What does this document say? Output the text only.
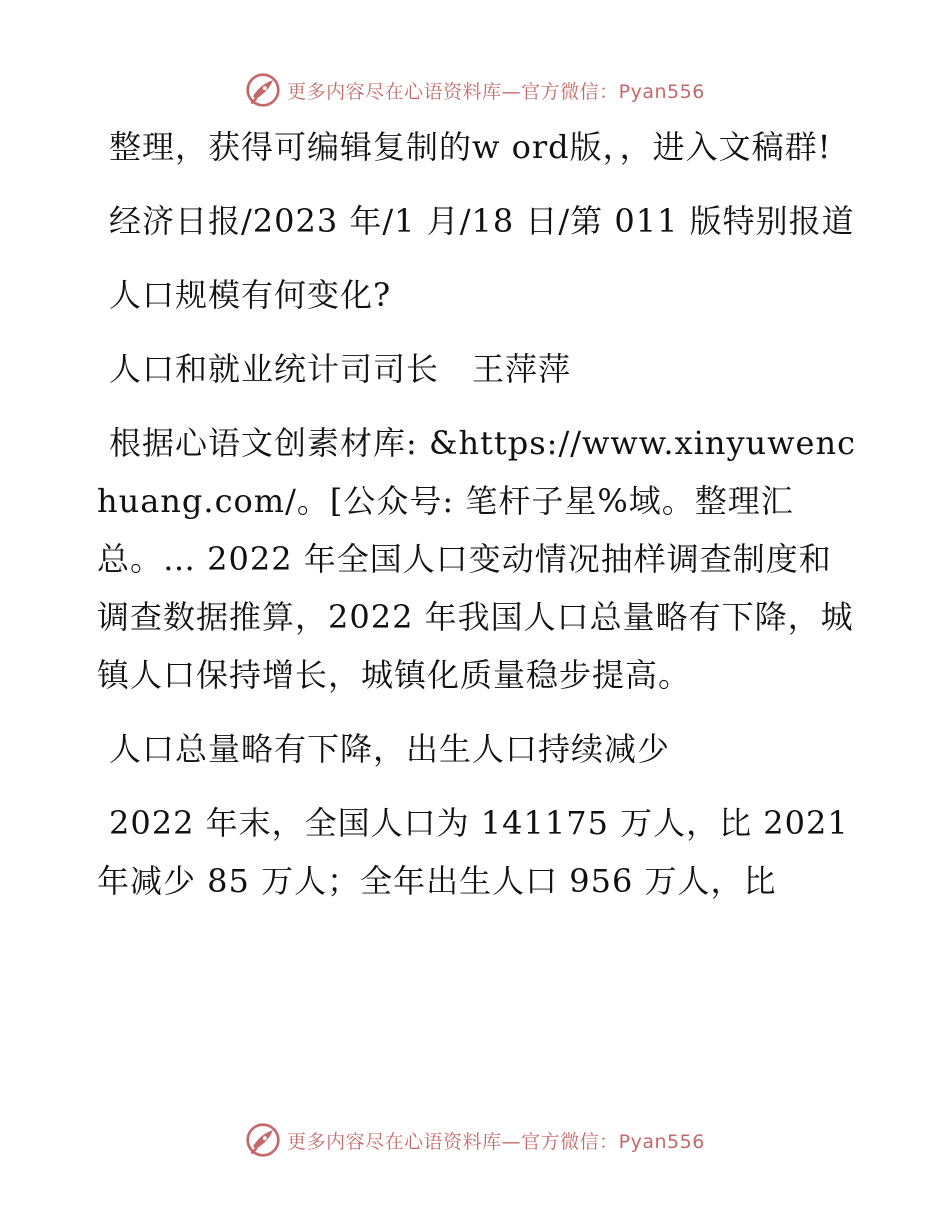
更多内容尽在心语资料库—官方微信：Pyan556

整理，获得可编辑复制的w ord版，，进入文稿群!

经济日报/2023 年/1 月/18 日/第 011 版特别报道

人口规模有何变化?

人口和就业统计司司长　王萍萍

根据心语文创素材库: &https://www.xinyuwenchuang.com/。[公众号: 笔杆子星%域。整理汇总。… 2022 年全国人口变动情况抽样调查制度和调查数据推算，2022 年我国人口总量略有下降，城镇人口保持增长，城镇化质量稳步提高。

人口总量略有下降，出生人口持续减少

2022 年末，全国人口为 141175 万人，比 2021 年减少 85 万人；全年出生人口 956 万人，比

更多内容尽在心语资料库—官方微信：Pyan556
